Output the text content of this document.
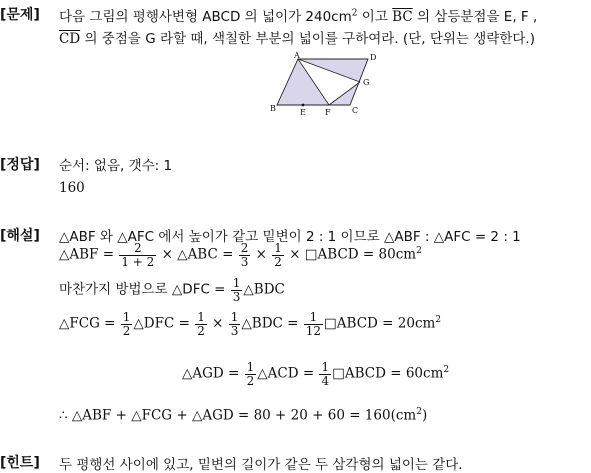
[문제] 다음 그림의 평행사변형 ABCD 의 넓이가 $240cm^2$ 이고 $\overline{BC}$ 의 삼등분점을 E, F ,
$\overline{CD}$ 의 중점을 G 라할 때, 색칠한 부분의 넓이를 구하여라. (단, 단위는 생략한다.)
A	D
G
B	E F	C
[정답] 순서: 없음, 갯수: 1
160
[해설] △ABF 와 △AFC 에서 높이가 같고 밑변이 2 : 1 이므로 △ABF : △AFC = 2 : 1
△ABF = $\frac{2}{1 + 2}$ × △ABC = $\frac{2}{3} \times \frac{1}{2}$ × □ABCD = $80cm^2$
마찬가지 방법으로 △DFC = $\frac{1}{3}$ △BDC
△FCG = $\frac{1}{2}$ △DFC = $\frac{1}{2} \times \frac{1}{3}$ △BDC = $\frac{1}{12}$ □ABCD = $20cm^2$
△AGD = $\frac{1}{2}$ △ACD = $\frac{1}{4}$ □ABCD = $60cm^2$
∴ △ABF + △FCG + △AGD = $80 + 20 + 60 = 160(cm^2)$
[힌트] 두 평행선 사이에 있고, 밑변의 길이가 같은 두 삼각형의 넓이는 같다.
